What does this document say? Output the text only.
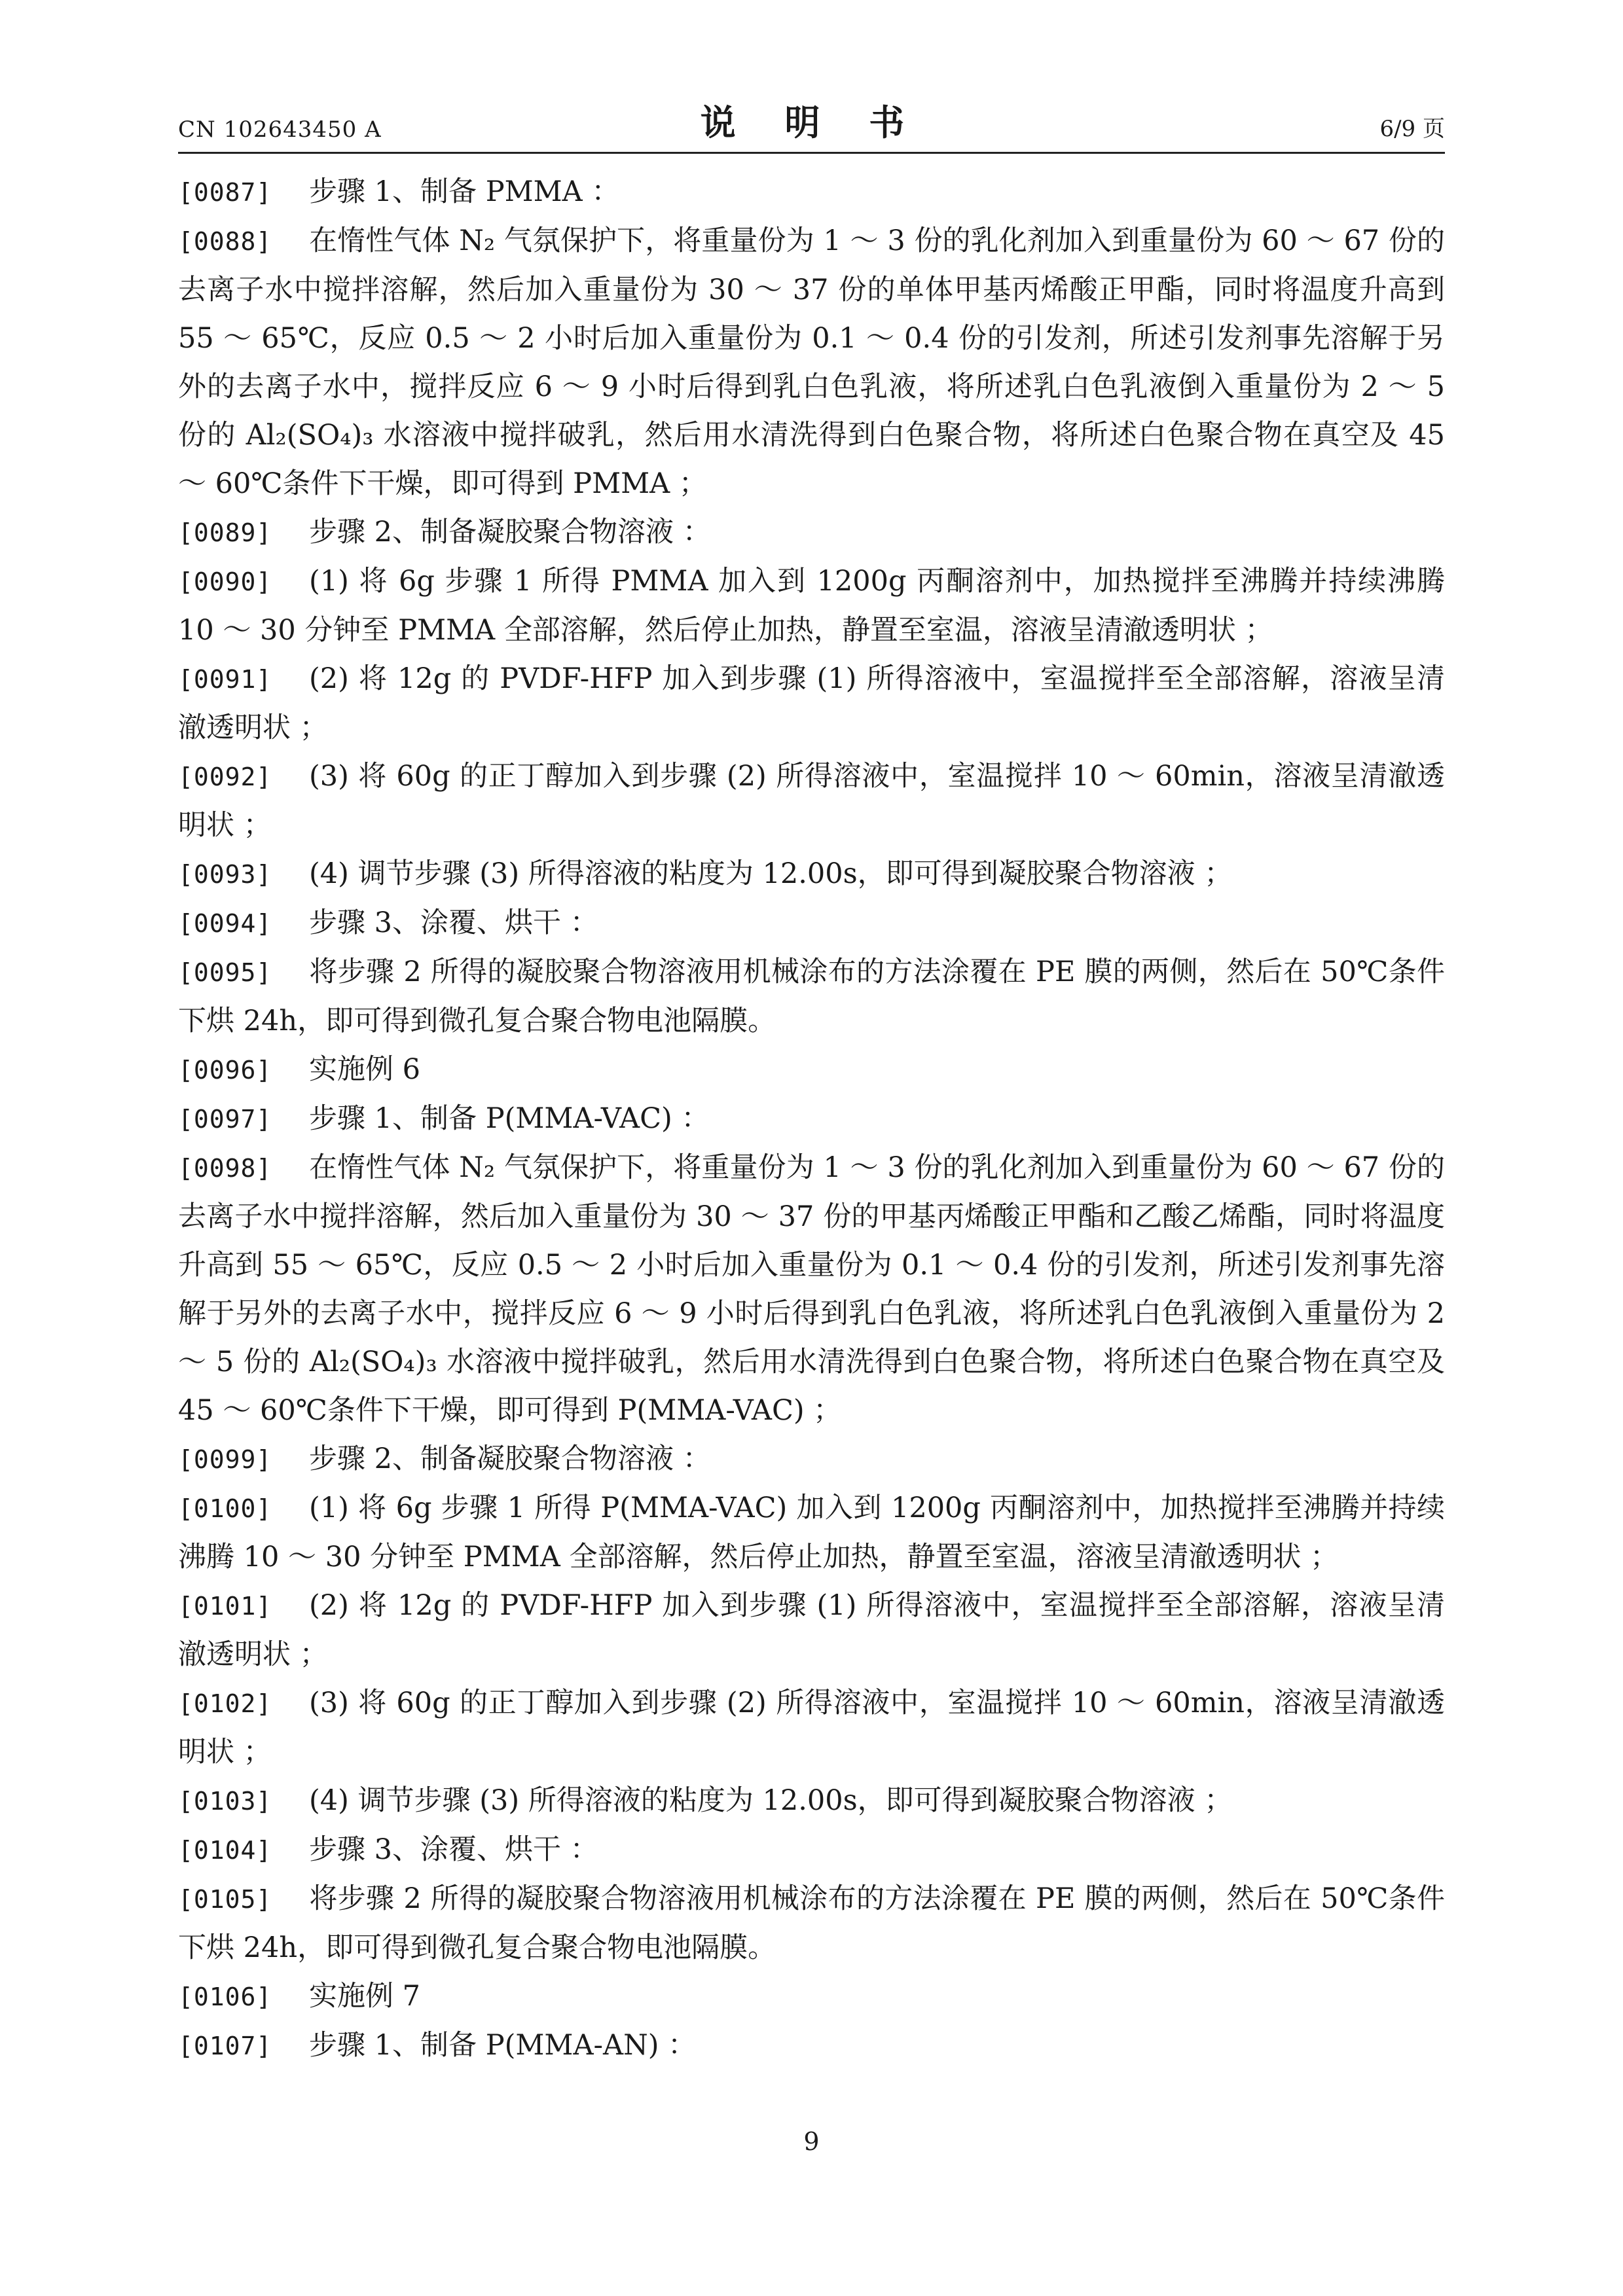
CN 102643450 A	说 明 书	6/9 页

[0087] 步骤 1、制备 PMMA ：

[0088] 在惰性气体 N₂ 气氛保护下，将重量份为 1 ～ 3 份的乳化剂加入到重量份为 60 ～ 67 份的去离子水中搅拌溶解，然后加入重量份为 30 ～ 37 份的单体甲基丙烯酸正甲酯，同时将温度升高到 55 ～ 65℃，反应 0.5 ～ 2 小时后加入重量份为 0.1 ～ 0.4 份的引发剂，所述引发剂事先溶解于另外的去离子水中，搅拌反应 6 ～ 9 小时后得到乳白色乳液，将所述乳白色乳液倒入重量份为 2 ～ 5 份的 Al₂(SO₄)₃ 水溶液中搅拌破乳，然后用水清洗得到白色聚合物，将所述白色聚合物在真空及 45 ～ 60℃条件下干燥，即可得到 PMMA ；

[0089] 步骤 2、制备凝胶聚合物溶液 ：

[0090] (1) 将 6g 步骤 1 所得 PMMA 加入到 1200g 丙酮溶剂中，加热搅拌至沸腾并持续沸腾 10 ～ 30 分钟至 PMMA 全部溶解，然后停止加热，静置至室温，溶液呈清澈透明状 ；

[0091] (2) 将 12g 的 PVDF-HFP 加入到步骤 (1) 所得溶液中，室温搅拌至全部溶解，溶液呈清澈透明状 ；

[0092] (3) 将 60g 的正丁醇加入到步骤 (2) 所得溶液中，室温搅拌 10 ～ 60min，溶液呈清澈透明状 ；

[0093] (4) 调节步骤 (3) 所得溶液的粘度为 12.00s，即可得到凝胶聚合物溶液 ；

[0094] 步骤 3、涂覆、烘干 ：

[0095] 将步骤 2 所得的凝胶聚合物溶液用机械涂布的方法涂覆在 PE 膜的两侧，然后在 50℃条件下烘 24h，即可得到微孔复合聚合物电池隔膜。

[0096] 实施例 6

[0097] 步骤 1、制备 P(MMA-VAC) ：

[0098] 在惰性气体 N₂ 气氛保护下，将重量份为 1 ～ 3 份的乳化剂加入到重量份为 60 ～ 67 份的去离子水中搅拌溶解，然后加入重量份为 30 ～ 37 份的甲基丙烯酸正甲酯和乙酸乙烯酯，同时将温度升高到 55 ～ 65℃，反应 0.5 ～ 2 小时后加入重量份为 0.1 ～ 0.4 份的引发剂，所述引发剂事先溶解于另外的去离子水中，搅拌反应 6 ～ 9 小时后得到乳白色乳液，将所述乳白色乳液倒入重量份为 2 ～ 5 份的 Al₂(SO₄)₃ 水溶液中搅拌破乳，然后用水清洗得到白色聚合物，将所述白色聚合物在真空及 45 ～ 60℃条件下干燥，即可得到 P(MMA-VAC) ；

[0099] 步骤 2、制备凝胶聚合物溶液 ：

[0100] (1) 将 6g 步骤 1 所得 P(MMA-VAC) 加入到 1200g 丙酮溶剂中，加热搅拌至沸腾并持续沸腾 10 ～ 30 分钟至 PMMA 全部溶解，然后停止加热，静置至室温，溶液呈清澈透明状 ；

[0101] (2) 将 12g 的 PVDF-HFP 加入到步骤 (1) 所得溶液中，室温搅拌至全部溶解，溶液呈清澈透明状 ；

[0102] (3) 将 60g 的正丁醇加入到步骤 (2) 所得溶液中，室温搅拌 10 ～ 60min，溶液呈清澈透明状 ；

[0103] (4) 调节步骤 (3) 所得溶液的粘度为 12.00s，即可得到凝胶聚合物溶液 ；

[0104] 步骤 3、涂覆、烘干 ：

[0105] 将步骤 2 所得的凝胶聚合物溶液用机械涂布的方法涂覆在 PE 膜的两侧，然后在 50℃条件下烘 24h，即可得到微孔复合聚合物电池隔膜。

[0106] 实施例 7

[0107] 步骤 1、制备 P(MMA-AN) ：

9
